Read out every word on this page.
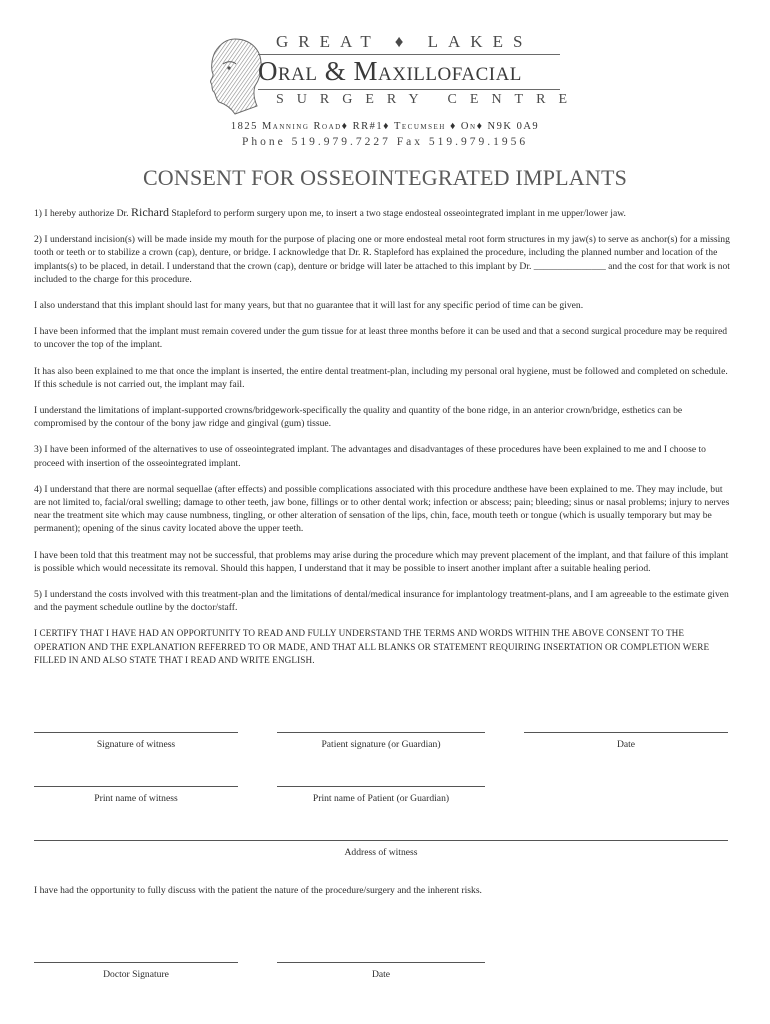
GREAT ♦ LAKES
Oral & Maxillofacial
SURGERY CENTRE
1825 Manning Road♦ RR#1♦ Tecumseh ♦ On♦ N9K 0A9
Phone 519.979.7227 Fax 519.979.1956
CONSENT FOR OSSEOINTEGRATED IMPLANTS

1) I hereby authorize Dr. Richard Stapleford to perform surgery upon me, to insert a two stage endosteal osseointegrated implant in me upper/lower jaw.

2) I understand incision(s) will be made inside my mouth for the purpose of placing one or more endosteal metal root form structures in my jaw(s) to serve as anchor(s) for a missing tooth or teeth or to stabilize a crown (cap), denture, or bridge. I acknowledge that Dr. R. Stapleford has explained the procedure, including the planned number and location of the implants(s) to be placed, in detail. I understand that the crown (cap), denture or bridge will later be attached to this implant by Dr. _______________ and the cost for that work is not included to the charge for this procedure.

I also understand that this implant should last for many years, but that no guarantee that it will last for any specific period of time can be given.

I have been informed that the implant must remain covered under the gum tissue for at least three months before it can be used and that a second surgical procedure may be required to uncover the top of the implant.

It has also been explained to me that once the implant is inserted, the entire dental treatment-plan, including my personal oral hygiene, must be followed and completed on schedule. If this schedule is not carried out, the implant may fail.

I understand the limitations of implant-supported crowns/bridgework-specifically the quality and quantity of the bone ridge, in an anterior crown/bridge, esthetics can be compromised by the contour of the bony jaw ridge and gingival (gum) tissue.

3) I have been informed of the alternatives to use of osseointegrated implant. The advantages and disadvantages of these procedures have been explained to me and I choose to proceed with insertion of the osseointegrated implant.

4) I understand that there are normal sequellae (after effects) and possible complications associated with this procedure andthese have been explained to me. They may include, but are not limited to, facial/oral swelling; damage to other teeth, jaw bone, fillings or to other dental work; infection or abscess; pain; bleeding; sinus or nasal problems; injury to nerves near the treatment site which may cause numbness, tingling, or other alteration of sensation of the lips, chin, face, mouth teeth or tongue (which is usually temporary but may be permanent); opening of the sinus cavity located above the upper teeth.

I have been told that this treatment may not be successful, that problems may arise during the procedure which may prevent placement of the implant, and that failure of this implant is possible which would necessitate its removal. Should this happen, I understand that it may be possible to insert another implant after a suitable healing period.

5) I understand the costs involved with this treatment-plan and the limitations of dental/medical insurance for implantology treatment-plans, and I am agreeable to the estimate given and the payment schedule outline by the doctor/staff.

I CERTIFY THAT I HAVE HAD AN OPPORTUNITY TO READ AND FULLY UNDERSTAND THE TERMS AND WORDS WITHIN THE ABOVE CONSENT TO THE OPERATION AND THE EXPLANATION REFERRED TO OR MADE, AND THAT ALL BLANKS OR STATEMENT REQUIRING INSERTATION OR COMPLETION WERE FILLED IN AND ALSO STATE THAT I READ AND WRITE ENGLISH.

Signature of witness	Patient signature (or Guardian)	Date
Print name of witness	Print name of Patient (or Guardian)
Address of witness
I have had the opportunity to fully discuss with the patient the nature of the procedure/surgery and the inherent risks.
Doctor Signature	Date
